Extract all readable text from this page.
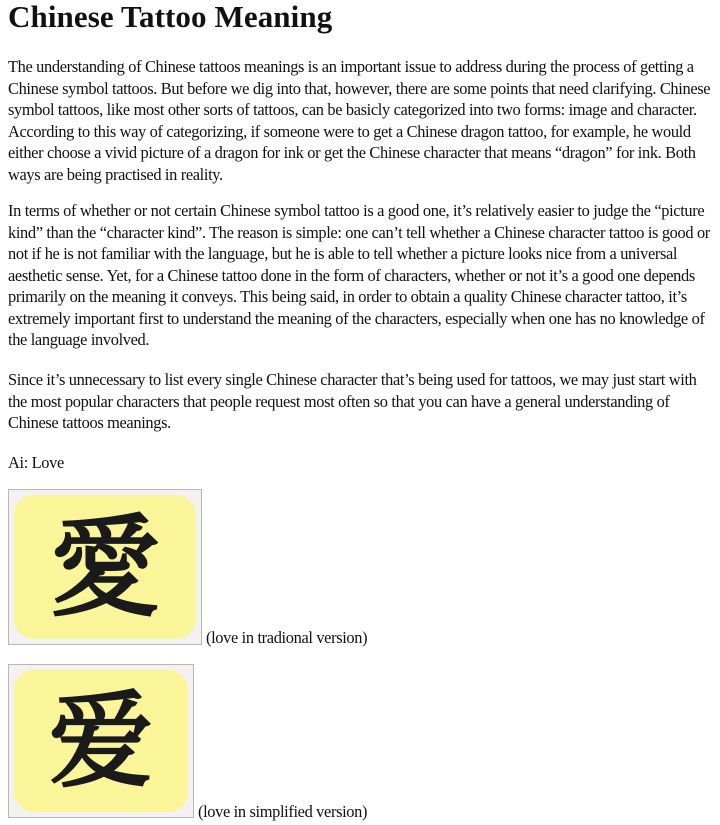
Chinese Tattoo Meaning

The understanding of Chinese tattoos meanings is an important issue to address during the process of getting a Chinese symbol tattoos. But before we dig into that, however, there are some points that need clarifying. Chinese symbol tattoos, like most other sorts of tattoos, can be basicly categorized into two forms: image and character. According to this way of categorizing, if someone were to get a Chinese dragon tattoo, for example, he would either choose a vivid picture of a dragon for ink or get the Chinese character that means “dragon” for ink. Both ways are being practised in reality.

In terms of whether or not certain Chinese symbol tattoo is a good one, it’s relatively easier to judge the “picture kind” than the “character kind”. The reason is simple: one can’t tell whether a Chinese character tattoo is good or not if he is not familiar with the language, but he is able to tell whether a picture looks nice from a universal aesthetic sense. Yet, for a Chinese tattoo done in the form of characters, whether or not it’s a good one depends primarily on the meaning it conveys. This being said, in order to obtain a quality Chinese character tattoo, it’s extremely important first to understand the meaning of the characters, especially when one has no knowledge of the language involved.

Since it’s unnecessary to list every single Chinese character that’s being used for tattoos, we may just start with the most popular characters that people request most often so that you can have a general understanding of Chinese tattoos meanings.

Ai: Love

愛
(love in tradional version)
爱
(love in simplified version)
